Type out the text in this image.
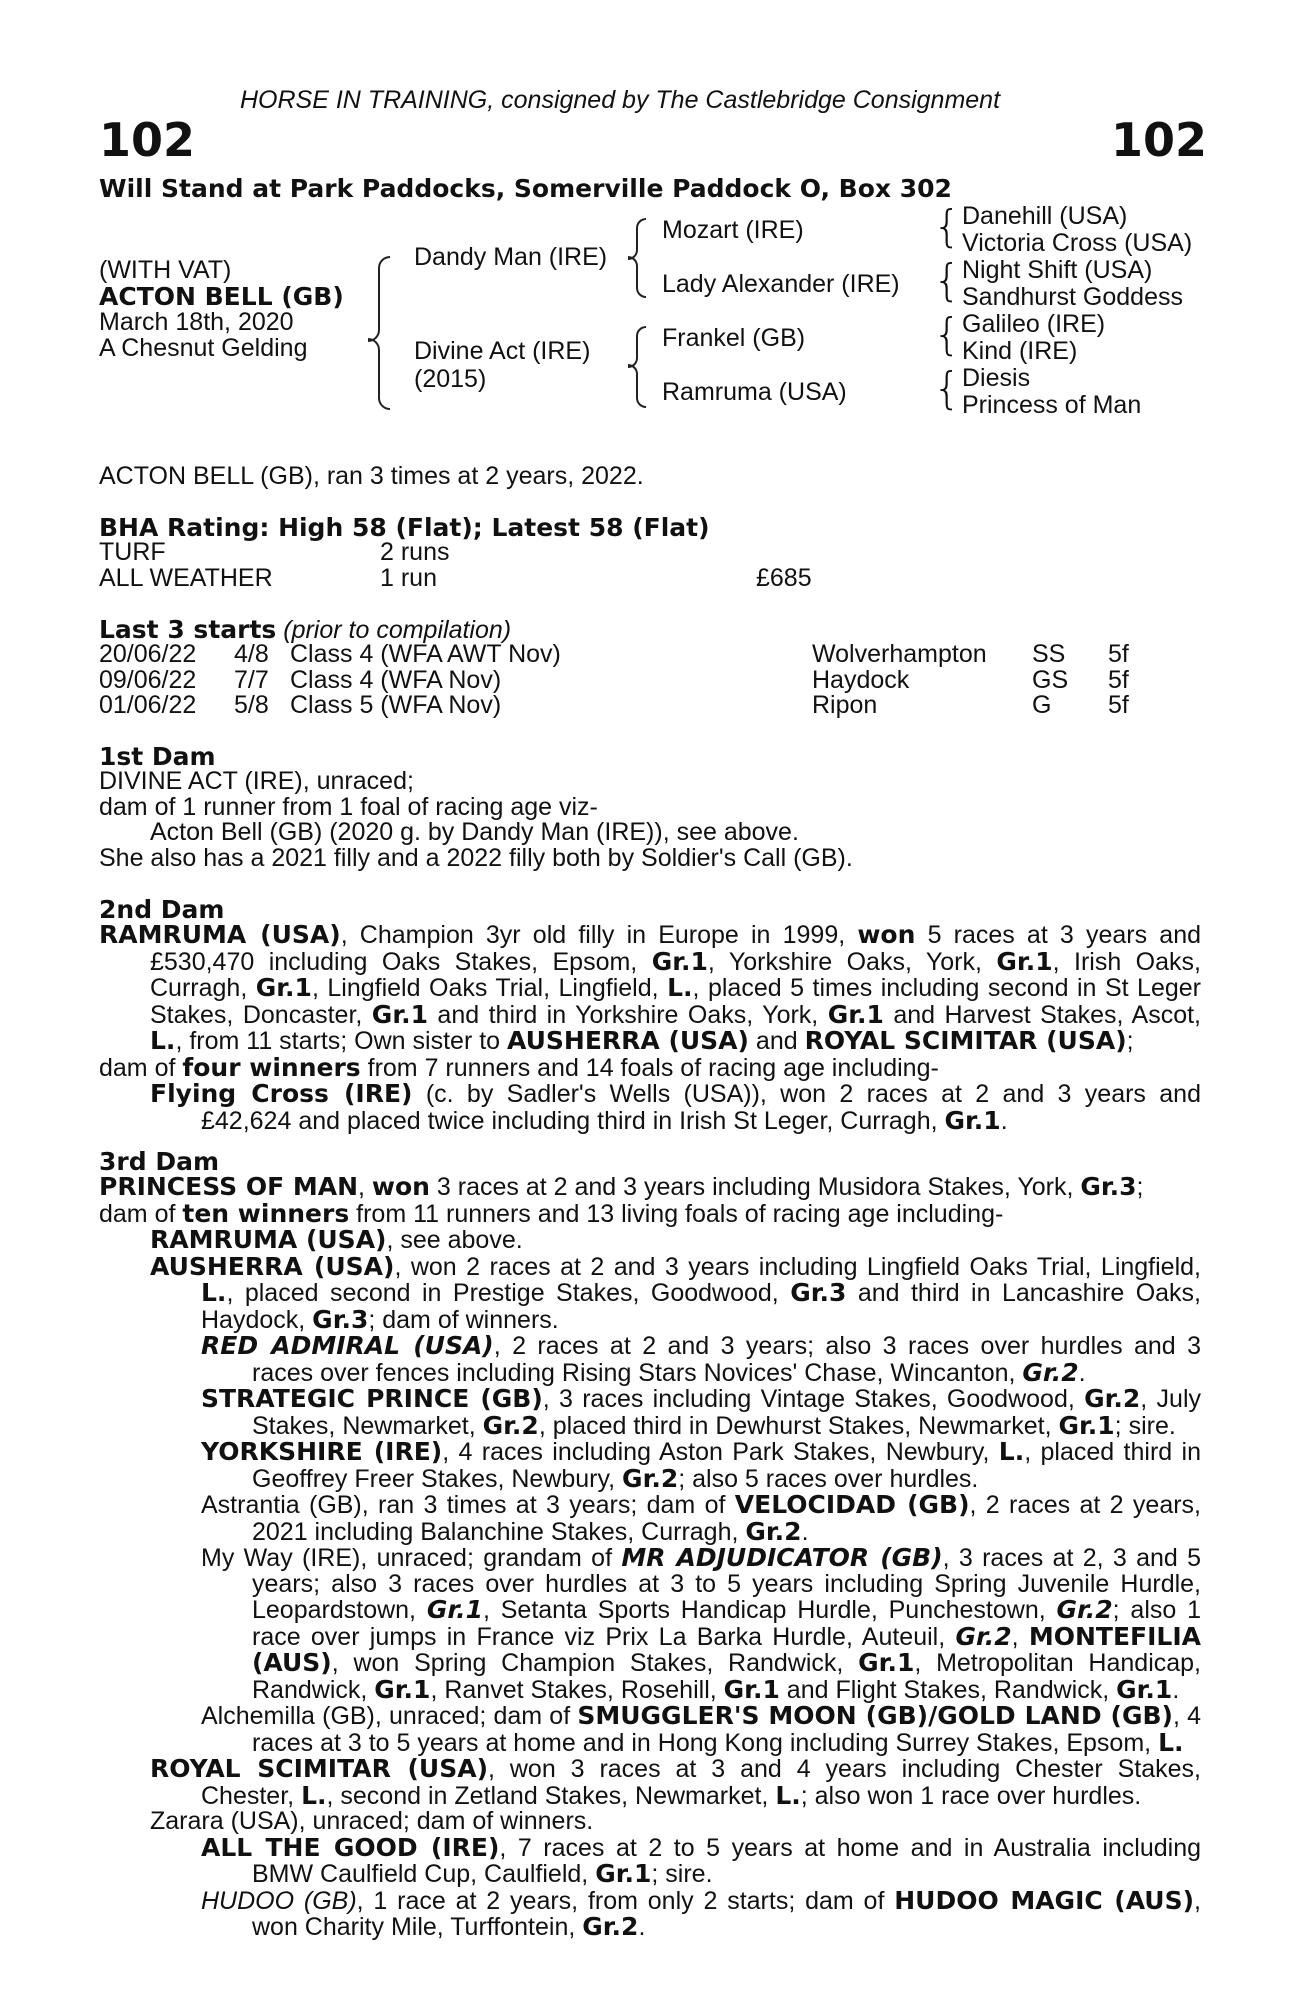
HORSE IN TRAINING, consigned by The Castlebridge Consignment
102	102
Will Stand at Park Paddocks, Somerville Paddock O, Box 302
(WITH VAT)
ACTON BELL (GB)
March 18th, 2020
A Chesnut Gelding
Dandy Man (IRE)
Divine Act (IRE)
(2015)
Mozart (IRE)
Lady Alexander (IRE)
Frankel (GB)
Ramruma (USA)
{
{
{
{
Danehill (USA)
Victoria Cross (USA)
Night Shift (USA)
Sandhurst Goddess
Galileo (IRE)
Kind (IRE)
Diesis
Princess of Man
ACTON BELL (GB), ran 3 times at 2 years, 2022.
BHA Rating: High 58 (Flat); Latest 58 (Flat)
TURF	2 runs
ALL WEATHER	1 run	£685
Last 3 starts (prior to compilation)
20/06/22 4/8 Class 4 (WFA AWT Nov)	Wolverhampton SS 5f
09/06/22 7/7 Class 4 (WFA Nov)	Haydock	GS 5f
01/06/22 5/8 Class 5 (WFA Nov)	Ripon	G 5f
1st Dam
DIVINE ACT (IRE), unraced;
dam of 1 runner from 1 foal of racing age viz-
Acton Bell (GB) (2020 g. by Dandy Man (IRE)), see above.
She also has a 2021 filly and a 2022 filly both by Soldier's Call (GB).
2nd Dam
RAMRUMA (USA), Champion 3yr old filly in Europe in 1999, won 5 races at 3 years and
£530,470 including Oaks Stakes, Epsom, Gr.1, Yorkshire Oaks, York, Gr.1, Irish Oaks,
Curragh, Gr.1, Lingfield Oaks Trial, Lingfield, L., placed 5 times including second in St Leger
Stakes, Doncaster, Gr.1 and third in Yorkshire Oaks, York, Gr.1 and Harvest Stakes, Ascot,
L., from 11 starts; Own sister to AUSHERRA (USA) and ROYAL SCIMITAR (USA);
dam of four winners from 7 runners and 14 foals of racing age including-
Flying Cross (IRE) (c. by Sadler's Wells (USA)), won 2 races at 2 and 3 years and
£42,624 and placed twice including third in Irish St Leger, Curragh, Gr.1.
3rd Dam
PRINCESS OF MAN, won 3 races at 2 and 3 years including Musidora Stakes, York, Gr.3;
dam of ten winners from 11 runners and 13 living foals of racing age including-
RAMRUMA (USA), see above.
AUSHERRA (USA), won 2 races at 2 and 3 years including Lingfield Oaks Trial, Lingfield,
L., placed second in Prestige Stakes, Goodwood, Gr.3 and third in Lancashire Oaks,
Haydock, Gr.3; dam of winners.
RED ADMIRAL (USA), 2 races at 2 and 3 years; also 3 races over hurdles and 3
races over fences including Rising Stars Novices' Chase, Wincanton, Gr.2.
STRATEGIC PRINCE (GB), 3 races including Vintage Stakes, Goodwood, Gr.2, July
Stakes, Newmarket, Gr.2, placed third in Dewhurst Stakes, Newmarket, Gr.1; sire.
YORKSHIRE (IRE), 4 races including Aston Park Stakes, Newbury, L., placed third in
Geoffrey Freer Stakes, Newbury, Gr.2; also 5 races over hurdles.
Astrantia (GB), ran 3 times at 3 years; dam of VELOCIDAD (GB), 2 races at 2 years,
2021 including Balanchine Stakes, Curragh, Gr.2.
My Way (IRE), unraced; grandam of MR ADJUDICATOR (GB), 3 races at 2, 3 and 5
years; also 3 races over hurdles at 3 to 5 years including Spring Juvenile Hurdle,
Leopardstown, Gr.1, Setanta Sports Handicap Hurdle, Punchestown, Gr.2; also 1
race over jumps in France viz Prix La Barka Hurdle, Auteuil, Gr.2, MONTEFILIA
(AUS), won Spring Champion Stakes, Randwick, Gr.1, Metropolitan Handicap,
Randwick, Gr.1, Ranvet Stakes, Rosehill, Gr.1 and Flight Stakes, Randwick, Gr.1.
Alchemilla (GB), unraced; dam of SMUGGLER'S MOON (GB)/GOLD LAND (GB), 4
races at 3 to 5 years at home and in Hong Kong including Surrey Stakes, Epsom, L.
ROYAL SCIMITAR (USA), won 3 races at 3 and 4 years including Chester Stakes,
Chester, L., second in Zetland Stakes, Newmarket, L.; also won 1 race over hurdles.
Zarara (USA), unraced; dam of winners.
ALL THE GOOD (IRE), 7 races at 2 to 5 years at home and in Australia including
BMW Caulfield Cup, Caulfield, Gr.1; sire.
HUDOO (GB), 1 race at 2 years, from only 2 starts; dam of HUDOO MAGIC (AUS),
won Charity Mile, Turffontein, Gr.2.
